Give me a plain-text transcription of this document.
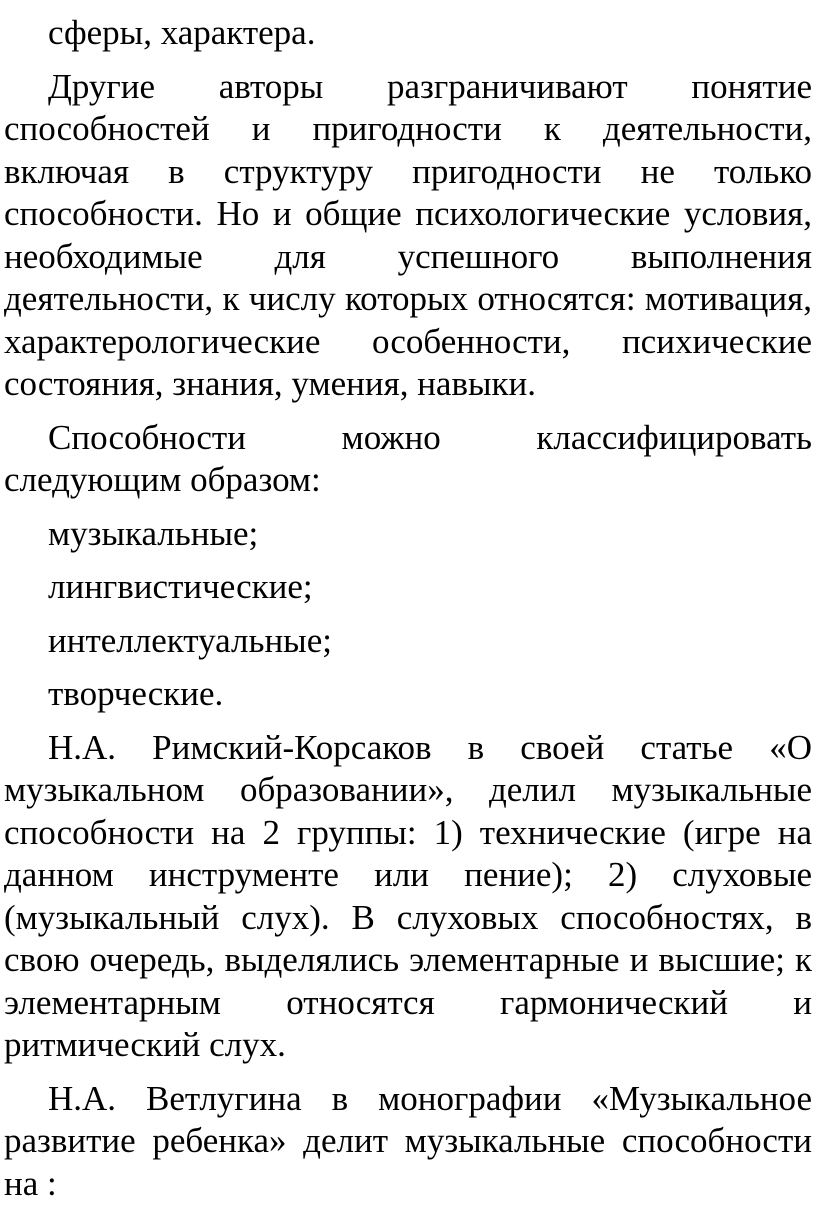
сферы, характера.

Другие авторы разграничивают понятие способностей и пригодности к деятельности, включая в структуру пригодности не только способности. Но и общие психологические условия, необходимые для успешного выполнения деятельности, к числу которых относятся: мотивация, характерологические особенности, психические состояния, знания, умения, навыки.

Способности можно классифицировать следующим образом:

музыкальные;

лингвистические;

интеллектуальные;

творческие.

Н.А. Римский-Корсаков в своей статье «О музыкальном образовании», делил музыкальные способности на 2 группы: 1) технические (игре на данном инструменте или пение); 2) слуховые (музыкальный слух). В слуховых способностях, в свою очередь, выделялись элементарные и высшие; к элементарным относятся гармонический и ритмический слух.

Н.А. Ветлугина в монографии «Музыкальное развитие ребенка» делит музыкальные способности на :
